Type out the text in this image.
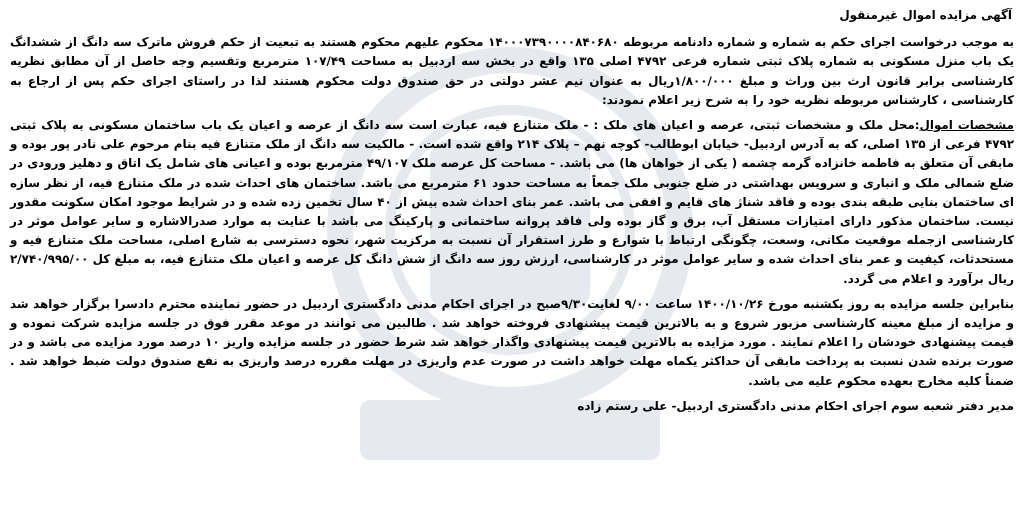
آگهی مزایده اموال غیرمنقول

به موجب درخواست اجرای حکم به شماره و شماره دادنامه مربوطه ۱۴۰۰۰۷۳۹۰۰۰۰۸۴۰۶۸۰ محکوم علیهم محکوم هستند به تبعیت از حکم فروش ماترک سه دانگ از ششدانگ یک باب منزل مسکونی به شماره پلاک ثبتی شماره فرعی ۴۷۹۲ اصلی ۱۳۵ واقع در بخش سه اردبیل به مساحت ۱۰۷/۴۹ مترمربع وتقسیم وجه حاصل از آن مطابق نظریه کارشناسی برابر قانون ارث بین وراث و مبلغ ۱/۸۰۰/۰۰۰ریال به عنوان نیم عشر دولتی در حق صندوق دولت محکوم هستند لذا در راستای اجرای حکم پس از ارجاع به کارشناسی ، کارشناس مربوطه نظریه خود را به شرح زیر اعلام نمودند:

مشخصات اموال:محل ملک و مشخصات ثبتی، عرصه و اعیان های ملک : - ملک متنازع فیه، عبارت است سه دانگ از عرصه و اعیان یک باب ساختمان مسکونی به پلاک ثبتی ۴۷۹۲ فرعی از ۱۳۵ اصلی، که به آدرس اردبیل- خیابان ابوطالب- کوچه نهم – پلاک ۲۱۴ واقع شده است. - مالکیت سه دانگ از ملک متنازع فیه بنام مرحوم علی نادر پور بوده و مابقی آن متعلق به فاطمه خانزاده گرمه چشمه ( یکی از خواهان ها) می باشد. - مساحت کل عرصه ملک ۴۹/۱۰۷ مترمربع بوده و اعیانی های شامل یک اتاق و دهلیز ورودی در ضلع شمالی ملک و انباری و سرویس بهداشتی در ضلع جنوبی ملک جمعاً به مساحت حدود ۶۱ مترمربع می باشد. ساختمان های احداث شده در ملک متنازع فیه، از نظر سازه ای ساختمان بنایی طبقه بندی بوده و فاقد شناژ های قایم و افقی می باشد. عمر بنای احداث شده بیش از ۴۰ سال تخمین زده شده و در شرایط موجود امکان سکونت مقدور نیست. ساختمان مذکور دارای امتیازات مستقل آب، برق و گاز بوده ولی فاقد پروانه ساختمانی و پارکینگ می باشد با عنایت به موارد صدرالاشاره و سایر عوامل موثر در کارشناسی ازجمله موقعیت مکانی، وسعت، چگونگی ارتباط با شوارع و طرز استقرار آن نسبت به مرکزیت شهر، نحوه دسترسی به شارع اصلی، مساحت ملک متنازع فیه و مستحدثات، کیفیت و عمر بنای احداث شده و سایر عوامل موثر در کارشناسی، ارزش روز سه دانگ از شش دانگ کل عرصه و اعیان ملک متنازع فیه، به مبلغ کل ۲/۷۴۰/۹۹۵/۰۰ ریال برآورد و اعلام می گردد.

بنابراین جلسه مزایده به روز یکشنبه مورخ ۱۴۰۰/۱۰/۲۶ ساعت ۹/۰۰ لغایت۹/۳۰صبح در اجرای احکام مدنی دادگستری اردبیل در حضور نماینده محترم دادسرا برگزار خواهد شد و مزایده از مبلغ معینه کارشناسی مزبور شروع و به بالاترین قیمت پیشنهادی فروخته خواهد شد . طالبین می توانند در موعد مقرر فوق در جلسه مزایده شرکت نموده و قیمت پیشنهادی خودشان را اعلام نمایند . مورد مزایده به بالاترین قیمت پیشنهادی واگذار خواهد شد شرط حضور در جلسه مزایده واریز ۱۰ درصد مورد مزایده می باشد و در صورت برنده شدن نسبت به پرداخت مابقی آن حداکثر یکماه مهلت خواهد داشت در صورت عدم واریزی در مهلت مقرره درصد واریزی به نفع صندوق دولت ضبط خواهد شد . ضمناً کلیه مخارج بعهده محکوم علیه می باشد.

مدیر دفتر شعبه سوم اجرای احکام مدنی دادگستری اردبیل- علی رستم زاده
